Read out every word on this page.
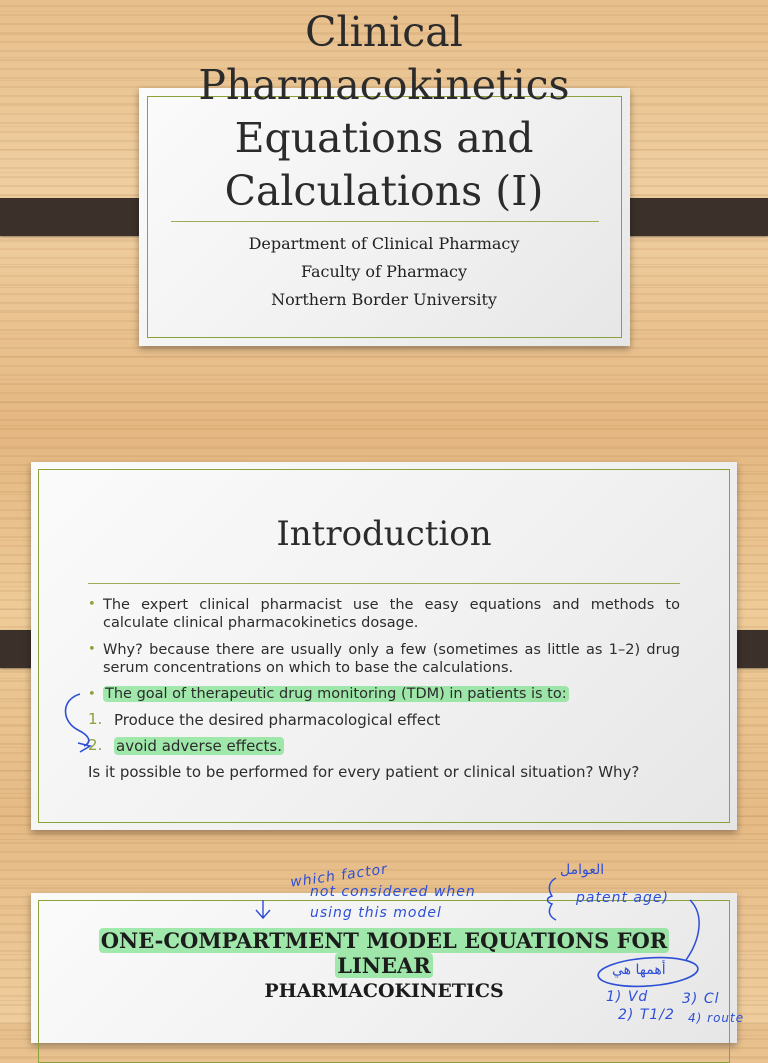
Clinical Pharmacokinetics Equations and Calculations (I)

Department of Clinical Pharmacy

Faculty of Pharmacy

Northern Border University

Introduction
• The expert clinical pharmacist use the easy equations and methods to calculate clinical pharmacokinetics dosage.

• Why? because there are usually only a few (sometimes as little as 1–2) drug serum concentrations on which to base the calculations.

• The goal of therapeutic drug monitoring (TDM) in patients is to:

1. Produce the desired pharmacological effect

2. avoid adverse effects.

Is it possible to be performed for every patient or clinical situation? Why?

ONE-COMPARTMENT MODEL EQUATIONS FOR

LINEAR

PHARMACOKINETICS

which factor
not considered when
using this model
العوامل
patent age)
أهمها هي
1) Vd 3) Cl
2) T1/2 4) route
